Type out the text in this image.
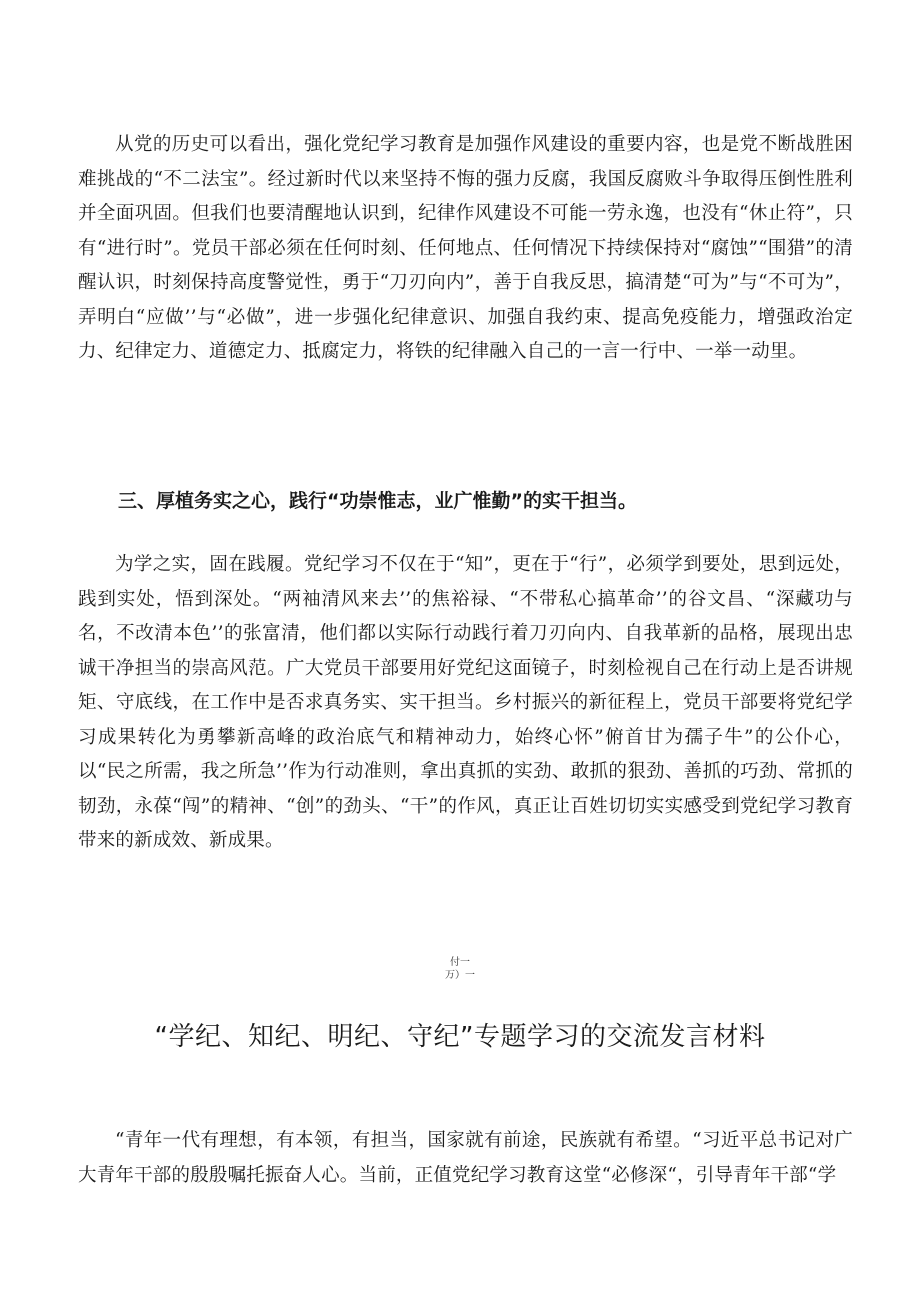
从党的历史可以看出，强化党纪学习教育是加强作风建设的重要内容，也是党不断战胜困难挑战的“不二法宝”。经过新时代以来坚持不悔的强力反腐，我国反腐败斗争取得压倒性胜利并全面巩固。但我们也要清醒地认识到，纪律作风建设不可能一劳永逸，也没有“休止符”，只有“进行时”。党员干部必须在任何时刻、任何地点、任何情况下持续保持对“腐蚀”“围猎”的清醒认识，时刻保持高度警觉性，勇于“刀刃向内”，善于自我反思，搞清楚“可为”与“不可为”，弄明白“应做’’与“必做”，进一步强化纪律意识、加强自我约束、提高免疫能力，增强政治定力、纪律定力、道德定力、抵腐定力，将铁的纪律融入自己的一言一行中、一举一动里。

三、厚植务实之心，践行“功崇惟志，业广惟勤”的实干担当。

为学之实，固在践履。党纪学习不仅在于“知”，更在于“行”，必须学到要处，思到远处，践到实处，悟到深处。“两袖清风来去’’的焦裕禄、“不带私心搞革命’’的谷文昌、“深藏功与名，不改清本色’’的张富清，他们都以实际行动践行着刀刃向内、自我革新的品格，展现出忠诚干净担当的崇高风范。广大党员干部要用好党纪这面镜子，时刻检视自己在行动上是否讲规矩、守底线，在工作中是否求真务实、实干担当。乡村振兴的新征程上，党员干部要将党纪学习成果转化为勇攀新高峰的政治底气和精神动力，始终心怀”俯首甘为孺子牛”的公仆心，以“民之所需，我之所急’’作为行动准则，拿出真抓的实劲、敢抓的狠劲、善抓的巧劲、常抓的韧劲，永葆“闯”的精神、“创”的劲头、“干”的作风，真正让百姓切切实实感受到党纪学习教育带来的新成效、新成果。

付一
万）一
“学纪、知纪、明纪、守纪”专题学习的交流发言材料

“青年一代有理想，有本领，有担当，国家就有前途，民族就有希望。“习近平总书记对广大青年干部的殷殷嘱托振奋人心。当前，正值党纪学习教育这堂“必修深“，引导青年干部“学
